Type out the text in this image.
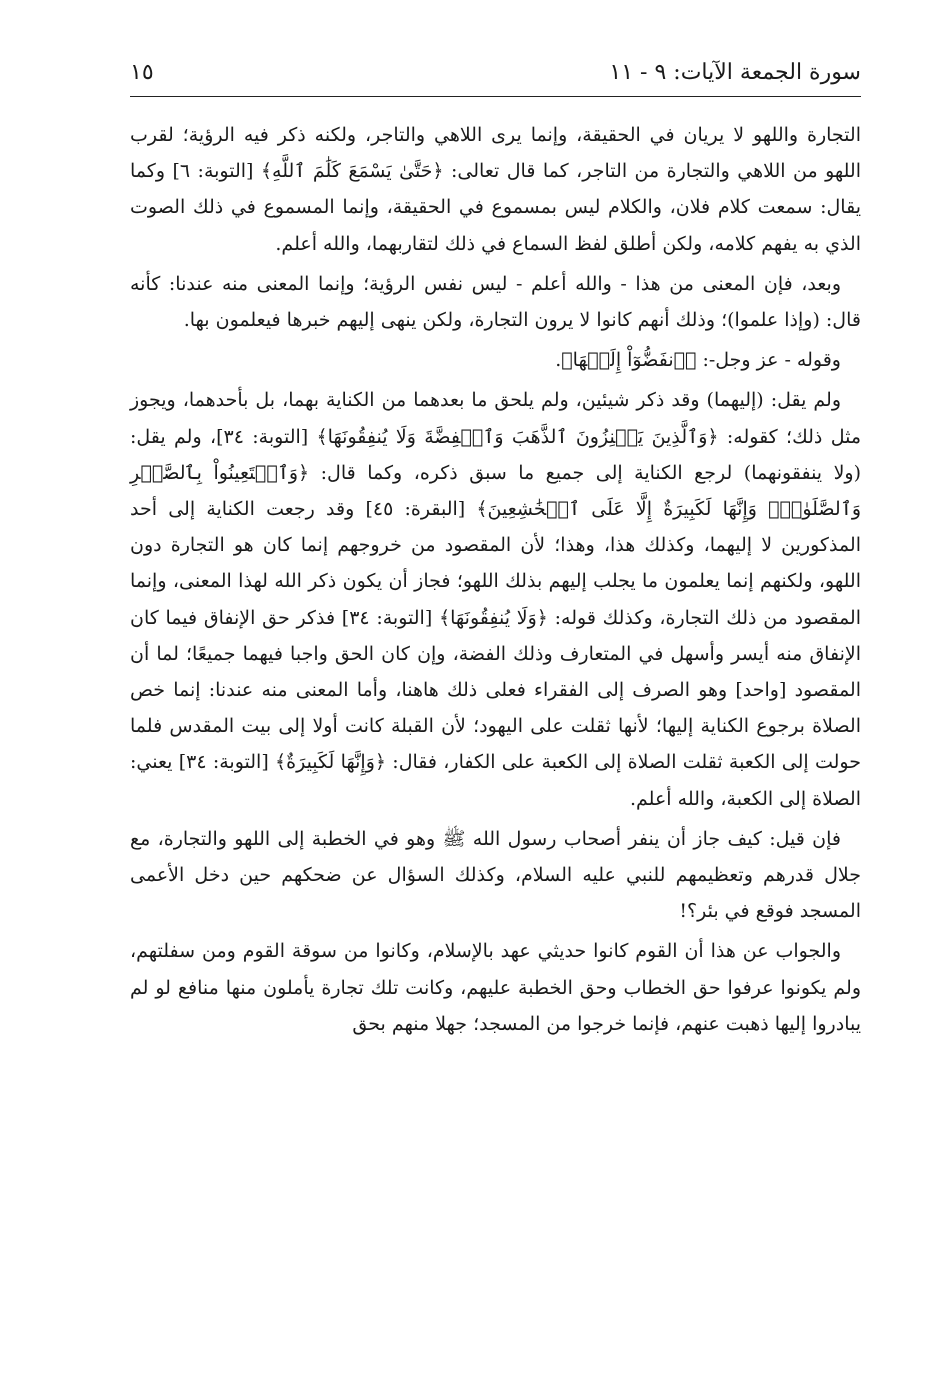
سورة الجمعة الآيات: ٩ - ١١
١٥

التجارة واللهو لا يريان في الحقيقة، وإنما يرى اللاهي والتاجر، ولكنه ذكر فيه الرؤية؛ لقرب اللهو من اللاهي والتجارة من التاجر، كما قال تعالى: ﴿حَتَّىٰ يَسْمَعَ كَلَٰمَ ٱللَّهِ﴾ [التوبة: ٦] وكما يقال: سمعت كلام فلان، والكلام ليس بمسموع في الحقيقة، وإنما المسموع في ذلك الصوت الذي به يفهم كلامه، ولكن أطلق لفظ السماع في ذلك لتقاربهما، والله أعلم.

وبعد، فإن المعنى من هذا - والله أعلم - ليس نفس الرؤية؛ وإنما المعنى منه عندنا: كأنه قال: (وإذا علموا)؛ وذلك أنهم كانوا لا يرون التجارة، ولكن ينهى إليهم خبرها فيعلمون بها.

وقوله - عز وجل-: ﴿ٱنفَضُّوٓاْ إِلَيۡهَا﴾.

ولم يقل: (إليهما) وقد ذكر شيئين، ولم يلحق ما بعدهما من الكناية بهما، بل بأحدهما، ويجوز مثل ذلك؛ كقوله: ﴿وَٱلَّذِينَ يَكۡنِزُونَ ٱلذَّهَبَ وَٱلۡفِضَّةَ وَلَا يُنفِقُونَهَا﴾ [التوبة: ٣٤]، ولم يقل: (ولا ينفقونهما) لرجع الكناية إلى جميع ما سبق ذكره، وكما قال: ﴿وَٱسۡتَعِينُواْ بِٱلصَّبۡرِ وَٱلصَّلَوٰةِۚ وَإِنَّهَا لَكَبِيرَةٌ إِلَّا عَلَى ٱلۡخَٰشِعِينَ﴾ [البقرة: ٤٥] وقد رجعت الكناية إلى أحد المذكورين لا إليهما، وكذلك هذا، وهذا؛ لأن المقصود من خروجهم إنما كان هو التجارة دون اللهو، ولكنهم إنما يعلمون ما يجلب إليهم بذلك اللهو؛ فجاز أن يكون ذكر الله لهذا المعنى، وإنما المقصود من ذلك التجارة، وكذلك قوله: ﴿وَلَا يُنفِقُونَهَا﴾ [التوبة: ٣٤] فذكر حق الإنفاق فيما كان الإنفاق منه أيسر وأسهل في المتعارف وذلك الفضة، وإن كان الحق واجبا فيهما جميعًا؛ لما أن المقصود [واحد] وهو الصرف إلى الفقراء فعلى ذلك هاهنا، وأما المعنى منه عندنا: إنما خص الصلاة برجوع الكناية إليها؛ لأنها ثقلت على اليهود؛ لأن القبلة كانت أولا إلى بيت المقدس فلما حولت إلى الكعبة ثقلت الصلاة إلى الكعبة على الكفار، فقال: ﴿وَإِنَّهَا لَكَبِيرَةٌ﴾ [التوبة: ٣٤] يعني: الصلاة إلى الكعبة، والله أعلم.

فإن قيل: كيف جاز أن ينفر أصحاب رسول الله ﷺ وهو في الخطبة إلى اللهو والتجارة، مع جلال قدرهم وتعظيمهم للنبي عليه السلام، وكذلك السؤال عن ضحكهم حين دخل الأعمى المسجد فوقع في بئر؟!

والجواب عن هذا أن القوم كانوا حديثي عهد بالإسلام، وكانوا من سوقة القوم ومن سفلتهم، ولم يكونوا عرفوا حق الخطاب وحق الخطبة عليهم، وكانت تلك تجارة يأملون منها منافع لو لم يبادروا إليها ذهبت عنهم، فإنما خرجوا من المسجد؛ جهلا منهم بحق
